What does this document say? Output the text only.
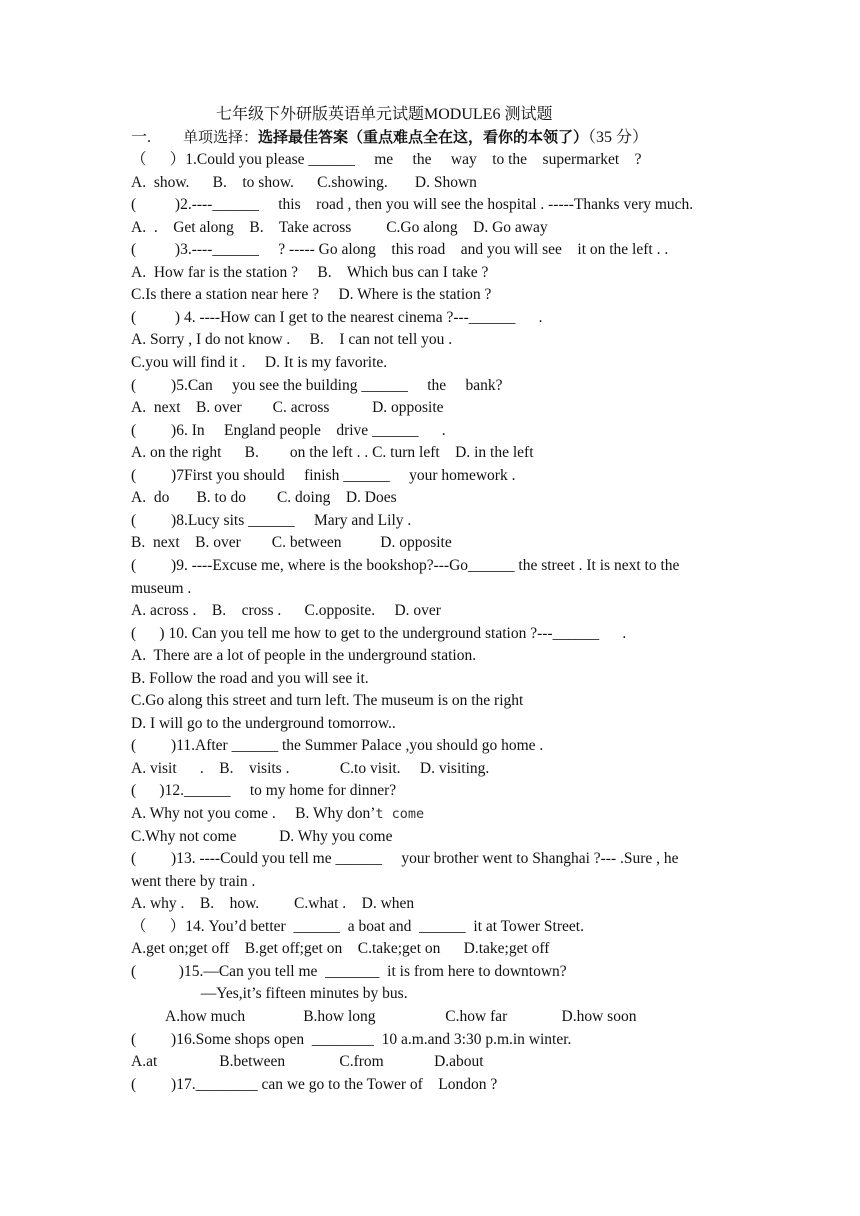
七年级下外研版英语单元试题MODULE6 测试题
一. 单项选择：选择最佳答案（重点难点全在这，看你的本领了）（35 分）
（      ）1.Could you please ______     me     the     way    to the    supermarket    ?
A.  show.      B.    to show.      C.showing.       D. Shown
(          )2.----______     this    road , then you will see the hospital . -----Thanks very much.
A.  .    Get along    B.    Take across         C.Go along    D. Go away
(          )3.----______     ? ----- Go along    this road    and you will see    it on the left . .
A.  How far is the station ?     B.    Which bus can I take ?
C.Is there a station near here ?     D. Where is the station ?
(          ) 4. ----How can I get to the nearest cinema ?---______      .
A. Sorry , I do not know .     B.    I can not tell you .
C.you will find it .     D. It is my favorite.
(         )5.Can     you see the building ______     the     bank?
A.  next    B. over        C. across           D. opposite
(         )6. In     England people    drive ______      .
A. on the right      B.        on the left . . C. turn left    D. in the left
(         )7First you should     finish ______     your homework .
A.  do       B. to do        C. doing    D. Does
(         )8.Lucy sits ______     Mary and Lily .
B.  next    B. over        C. between          D. opposite
(         )9. ----Excuse me, where is the bookshop?---Go______ the street . It is next to the
museum .
A. across .    B.    cross .      C.opposite.     D. over
(      ) 10. Can you tell me how to get to the underground station ?---______      .
A.  There are a lot of people in the underground station.
B. Follow the road and you will see it.
C.Go along this street and turn left. The museum is on the right
D. I will go to the underground tomorrow..
(         )11.After ______ the Summer Palace ,you should go home .
A. visit      .    B.    visits .             C.to visit.     D. visiting.
(      )12.______     to my home for dinner?
A. Why not you come .     B. Why don’t come
C.Why not come           D. Why you come
(         )13. ----Could you tell me ______     your brother went to Shanghai ?--- .Sure , he
went there by train .
A. why .    B.    how.         C.what .    D. when
（      ）14. You’d better  ______  a boat and  ______  it at Tower Street.
A.get on;get off    B.get off;get on    C.take;get on      D.take;get off
(           )15.—Can you tell me  _______  it is from here to downtown?
—Yes,it’s fifteen minutes by bus.
A.how much               B.how long                  C.how far              D.how soon
(         )16.Some shops open  ________  10 a.m.and 3:30 p.m.in winter.
A.at                B.between              C.from             D.about
(         )17.________ can we go to the Tower of    London ?
